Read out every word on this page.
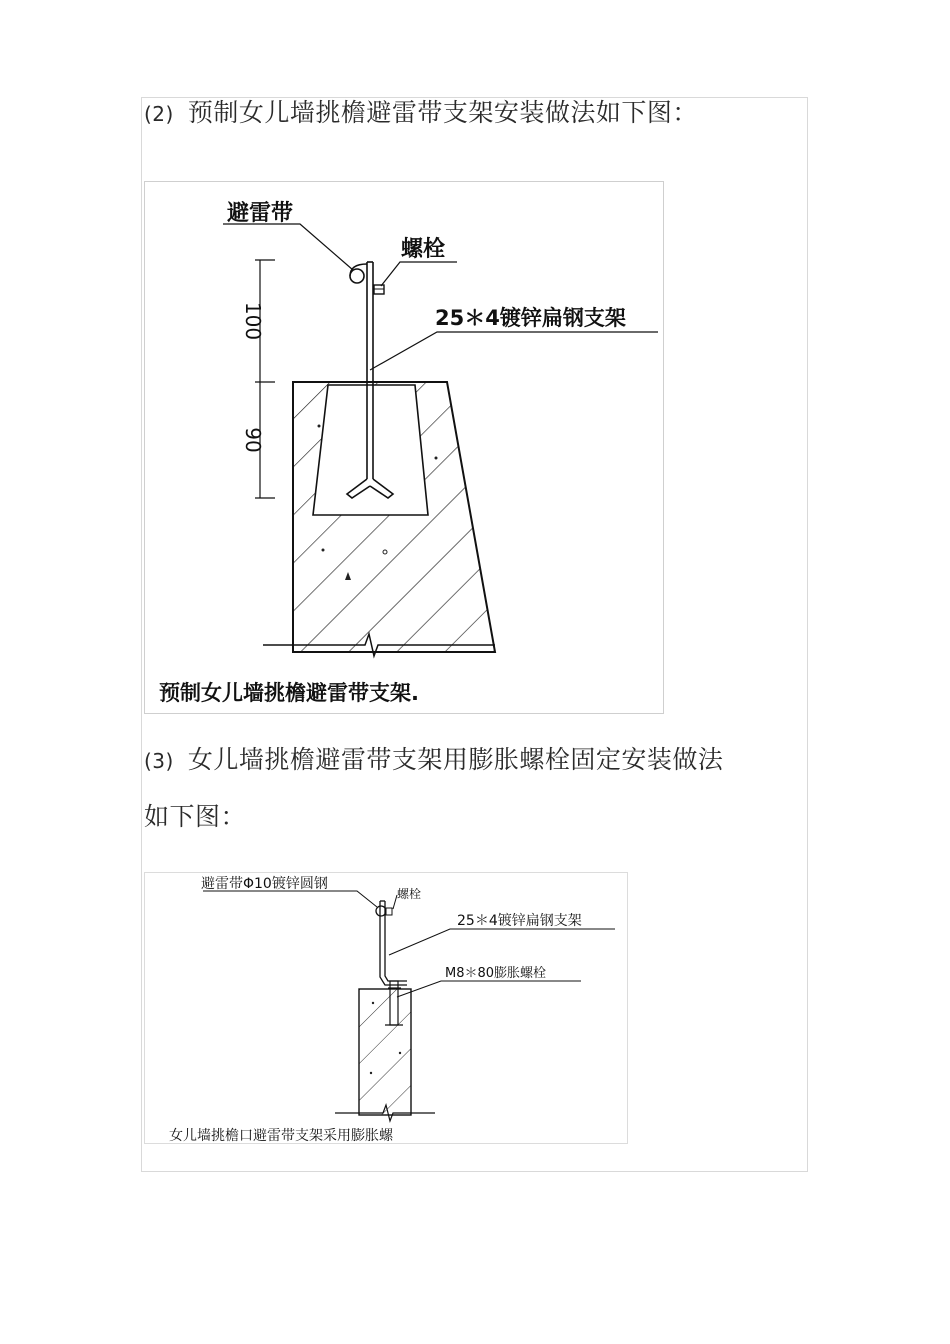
(2) 预制女儿墙挑檐避雷带支架安装做法如下图：
避雷带
螺栓
25＊4镀锌扁钢支架
100
90
预制女儿墙挑檐避雷带支架.
(3) 女儿墙挑檐避雷带支架用膨胀螺栓固定安装做法
如下图：
避雷带Φ10镀锌圆钢
螺栓
25＊4镀锌扁钢支架
M8＊80膨胀螺栓
女儿墙挑檐口避雷带支架采用膨胀螺
